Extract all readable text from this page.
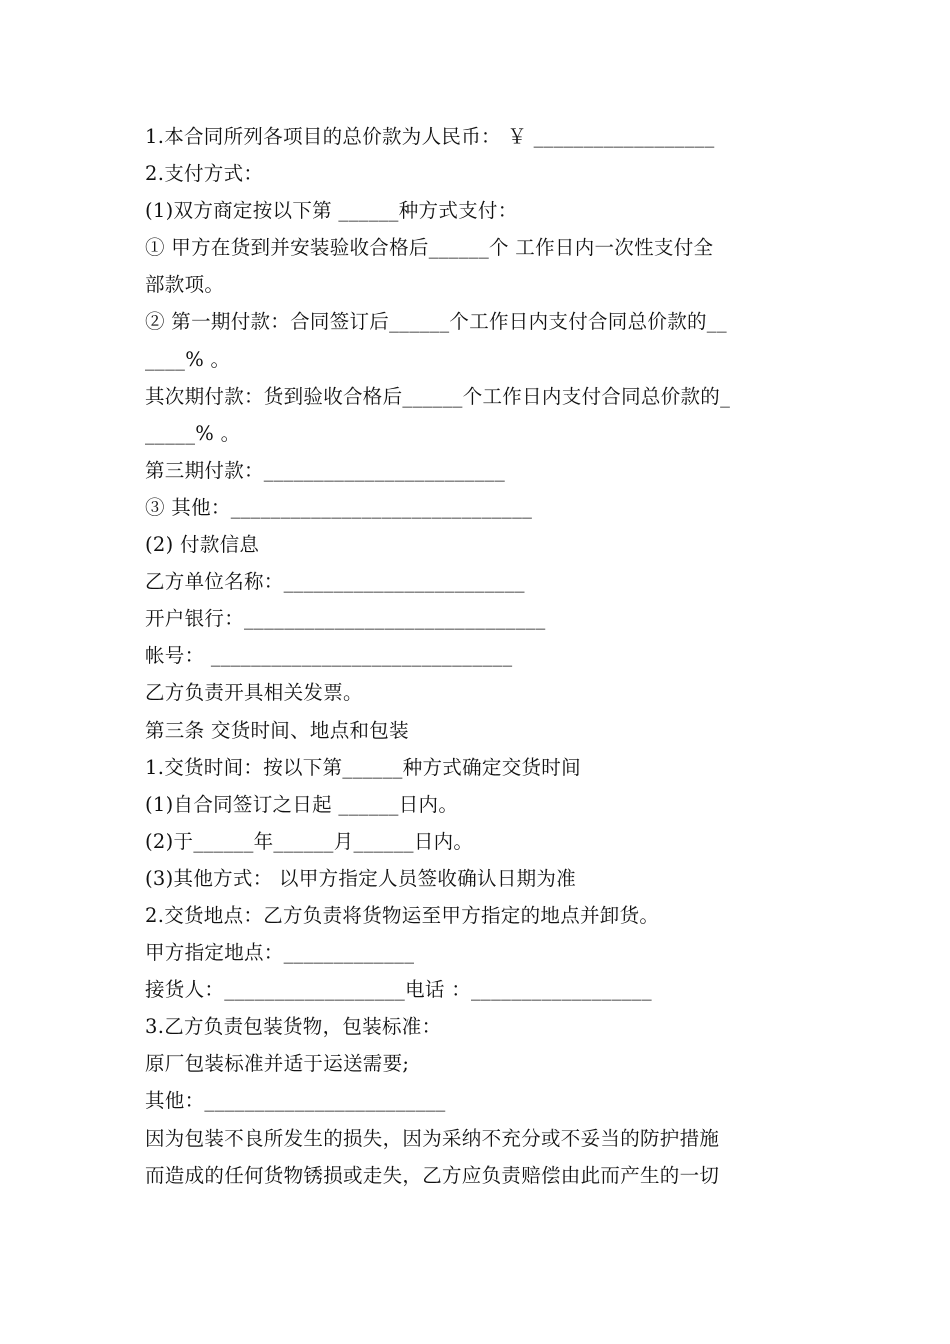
1.本合同所列各项目的总价款为人民币： ￥ __________________
2.支付方式：
(1)双方商定按以下第 ______种方式支付：
① 甲方在货到并安装验收合格后______个 工作日内一次性支付全
部款项。
② 第一期付款：合同签订后______个工作日内支付合同总价款的__
____% 。
其次期付款：货到验收合格后______个工作日内支付合同总价款的_
_____% 。
第三期付款：________________________
③ 其他：______________________________
(2) 付款信息
乙方单位名称：________________________
开户银行：______________________________
帐号： ______________________________
乙方负责开具相关发票。
第三条 交货时间、地点和包装
1.交货时间：按以下第______种方式确定交货时间
(1)自合同签订之日起 ______日内。
(2)于______年______月______日内。
(3)其他方式： 以甲方指定人员签收确认日期为准
2.交货地点：乙方负责将货物运至甲方指定的地点并卸货。
甲方指定地点：_____________
接货人：__________________电话 ：__________________
3.乙方负责包装货物，包装标准：
原厂包装标准并适于运送需要;
其他：________________________
因为包装不良所发生的损失，因为采纳不充分或不妥当的防护措施
而造成的任何货物锈损或走失，乙方应负责赔偿由此而产生的一切
